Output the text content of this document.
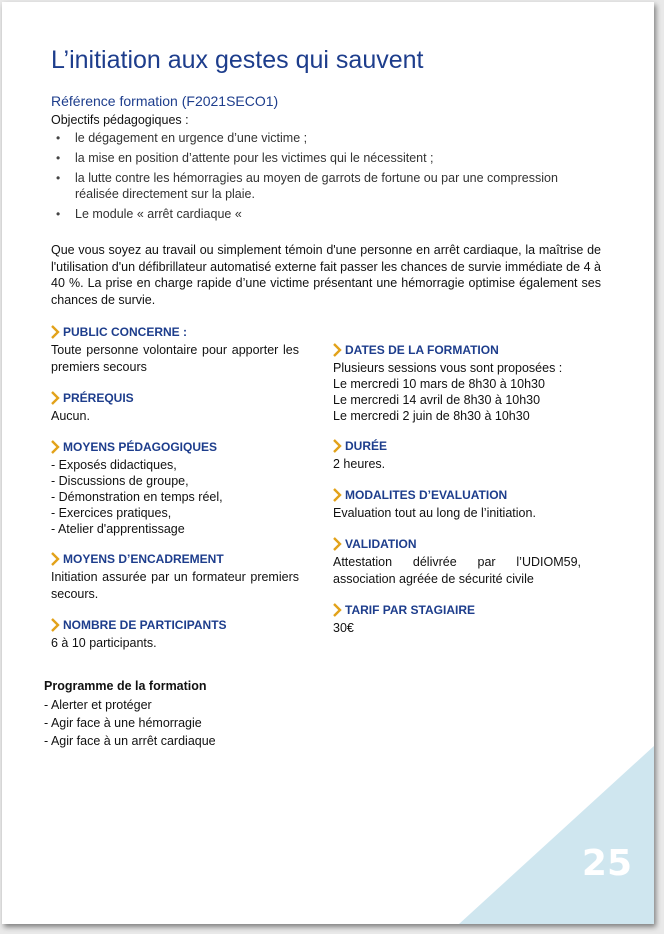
25
L’initiation aux gestes qui sauvent
Référence formation (F2021SECO1)
Objectifs pédagogiques :
• le dégagement en urgence d’une victime ;
• la mise en position d’attente pour les victimes qui le nécessitent ;
• la lutte contre les hémorragies au moyen de garrots de fortune ou par une compression réalisée directement sur la plaie.
• Le module « arrêt cardiaque «

Que vous soyez au travail ou simplement témoin d'une personne en arrêt cardiaque, la maîtrise de l'utilisation d'un défibrillateur automatisé externe fait passer les chances de survie immédiate de 4 à 40 %. La prise en charge rapide d’une victime présentant une hémorragie optimise également ses chances de survie.

PUBLIC CONCERNE :
Toute personne volontaire pour apporter les premiers secours
PRÉREQUIS
Aucun.
MOYENS PÉDAGOGIQUES
- Exposés didactiques,
- Discussions de groupe,
- Démonstration en temps réel,
- Exercices pratiques,
- Atelier d'apprentissage
MOYENS D’ENCADREMENT
Initiation assurée par un formateur premiers secours.
NOMBRE DE PARTICIPANTS
6 à 10 participants.
DATES DE LA FORMATION
Plusieurs sessions vous sont proposées :
Le mercredi 10 mars de 8h30 à 10h30
Le mercredi 14 avril de 8h30 à 10h30
Le mercredi 2 juin de 8h30 à 10h30
DURÉE
2 heures.
MODALITES D’EVALUATION
Evaluation tout au long de l’initiation.
VALIDATION
Attestation délivrée par l’UDIOM59, association agréée de sécurité civile
TARIF PAR STAGIAIRE
30€
Programme de la formation
- Alerter et protéger
- Agir face à une hémorragie
- Agir face à un arrêt cardiaque
